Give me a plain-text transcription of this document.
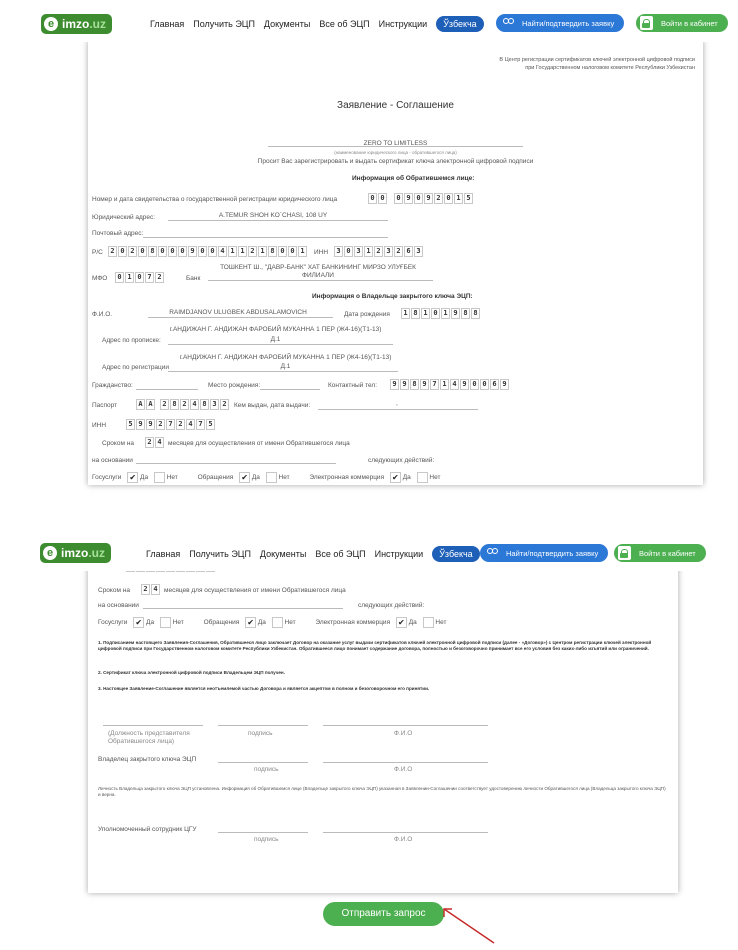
e imzo .uz	Главная Получить ЭЦП Документы Все об ЭЦП Инструкции	Ўзбекча	Найти/подтвердить заявку	Войти в кабинет
В Центр регистрации сертификатов ключей электронной цифровой подписи
при Государственном налоговом комитете Республики Узбекистан
Заявление - Соглашение
ZERO TO LIMITLESS
(наименование юридического лица - обратившегося лица)
Просит Вас зарегистрировать и выдать сертификат ключа электронной цифровой подписи
Информация об Обратившемся лице:
Номер и дата свидетельства о государственной регистрации юридического лица	0 0	0 9 0 9 2 0 1 5
Юридический адрес:	A.TEMUR SHOH KO`CHASI, 108 UY
Почтовый адрес:
Р/С	2 0 2 0 8 0 0 0 9 0 0 4 1 1 2 1 8 0 0 1	ИНН	3 0 3 1 2 3 2 6 3
МФО	0 1 0 7 2	Банк
ТОШКЕНТ Ш., "ДАВР-БАНК" ХАТ БАНКИНИНГ МИРЗО УЛУҒБЕК
ФИЛИАЛИ
Информация о Владельце закрытого ключа ЭЦП:
Ф.И.О.	RAIMDJANOV ULUGBEK ABDUSALAMOVICH	Дата рождения	1 8 1 0 1 9 8 8
г.АНДИЖАН Г. АНДИЖАН ФАРОБИЙ МУКАННА 1 ПЕР (Ж4-16)(Т1-13)
Адрес по прописке:	Д.1
г.АНДИЖАН Г. АНДИЖАН ФАРОБИЙ МУКАННА 1 ПЕР (Ж4-16)(Т1-13)
Адрес по регистрации	Д.1
Гражданство:	Место рождения:	Контактный тел:	9 9 8 9 7 1 4 9 0 0 6 9
Паспорт	A A	2 8 2 4 8 3 2	Кем выдан, дата выдачи:	,
ИНН	5 9 9 2 7 2 4 7 5
Сроком на	2 4 месяцев для осуществления от имени Обратившегося лица
на основании	следующих действий:
Госуслуги ✔ Да	Нет	Обращения ✔ Да	Нет	Электронная коммерция ✔ Да	Нет
Сроком на	2 4 месяцев для осуществления от имени Обратившегося лица
на основании	следующих действий:
Госуслуги ✔ Да	Нет	Обращения ✔ Да	Нет	Электронная коммерция ✔ Да	Нет
1. Подписанием настоящего Заявления-Соглашения, Обратившееся лицо заключает Договор на оказание услуг выдачи сертификатов ключей электронной цифровой подписи (далее - «Договор») с Центром регистрации ключей электронной цифровой подписи при Государственном налоговом комитете Республики Узбекистан. Обратившееся лицо понимает содержание договора, полностью и безоговорочно принимает все его условия без каких-либо изъятий или ограничений.
2. Сертификат ключа электронной цифровой подписи Владельцем ЭЦП получен.
3. Настоящее Заявление-Соглашение является неотъемлемой частью Договора и является акцептом в полном и безоговорочном его принятии.
(Должность представителя
Обратившегося лица)
подпись	Ф.И.О
Владелец закрытого ключа ЭЦП
подпись	Ф.И.О
Личность Владельца закрытого ключа ЭЦП установлена. Информация об Обратившемся лице (Владельце закрытого ключа ЭЦП) указанная в Заявлении-Соглашении соответствует удостоверению личности Обратившегося лица (Владельца закрытого ключа ЭЦП) и верна.
Уполномоченный сотрудник ЦГУ
подпись	Ф.И.О
e imzo .uz	Главная Получить ЭЦП Документы Все об ЭЦП Инструкции	Ўзбекча	Найти/подтвердить заявку	Войти в кабинет
Отправить запрос
